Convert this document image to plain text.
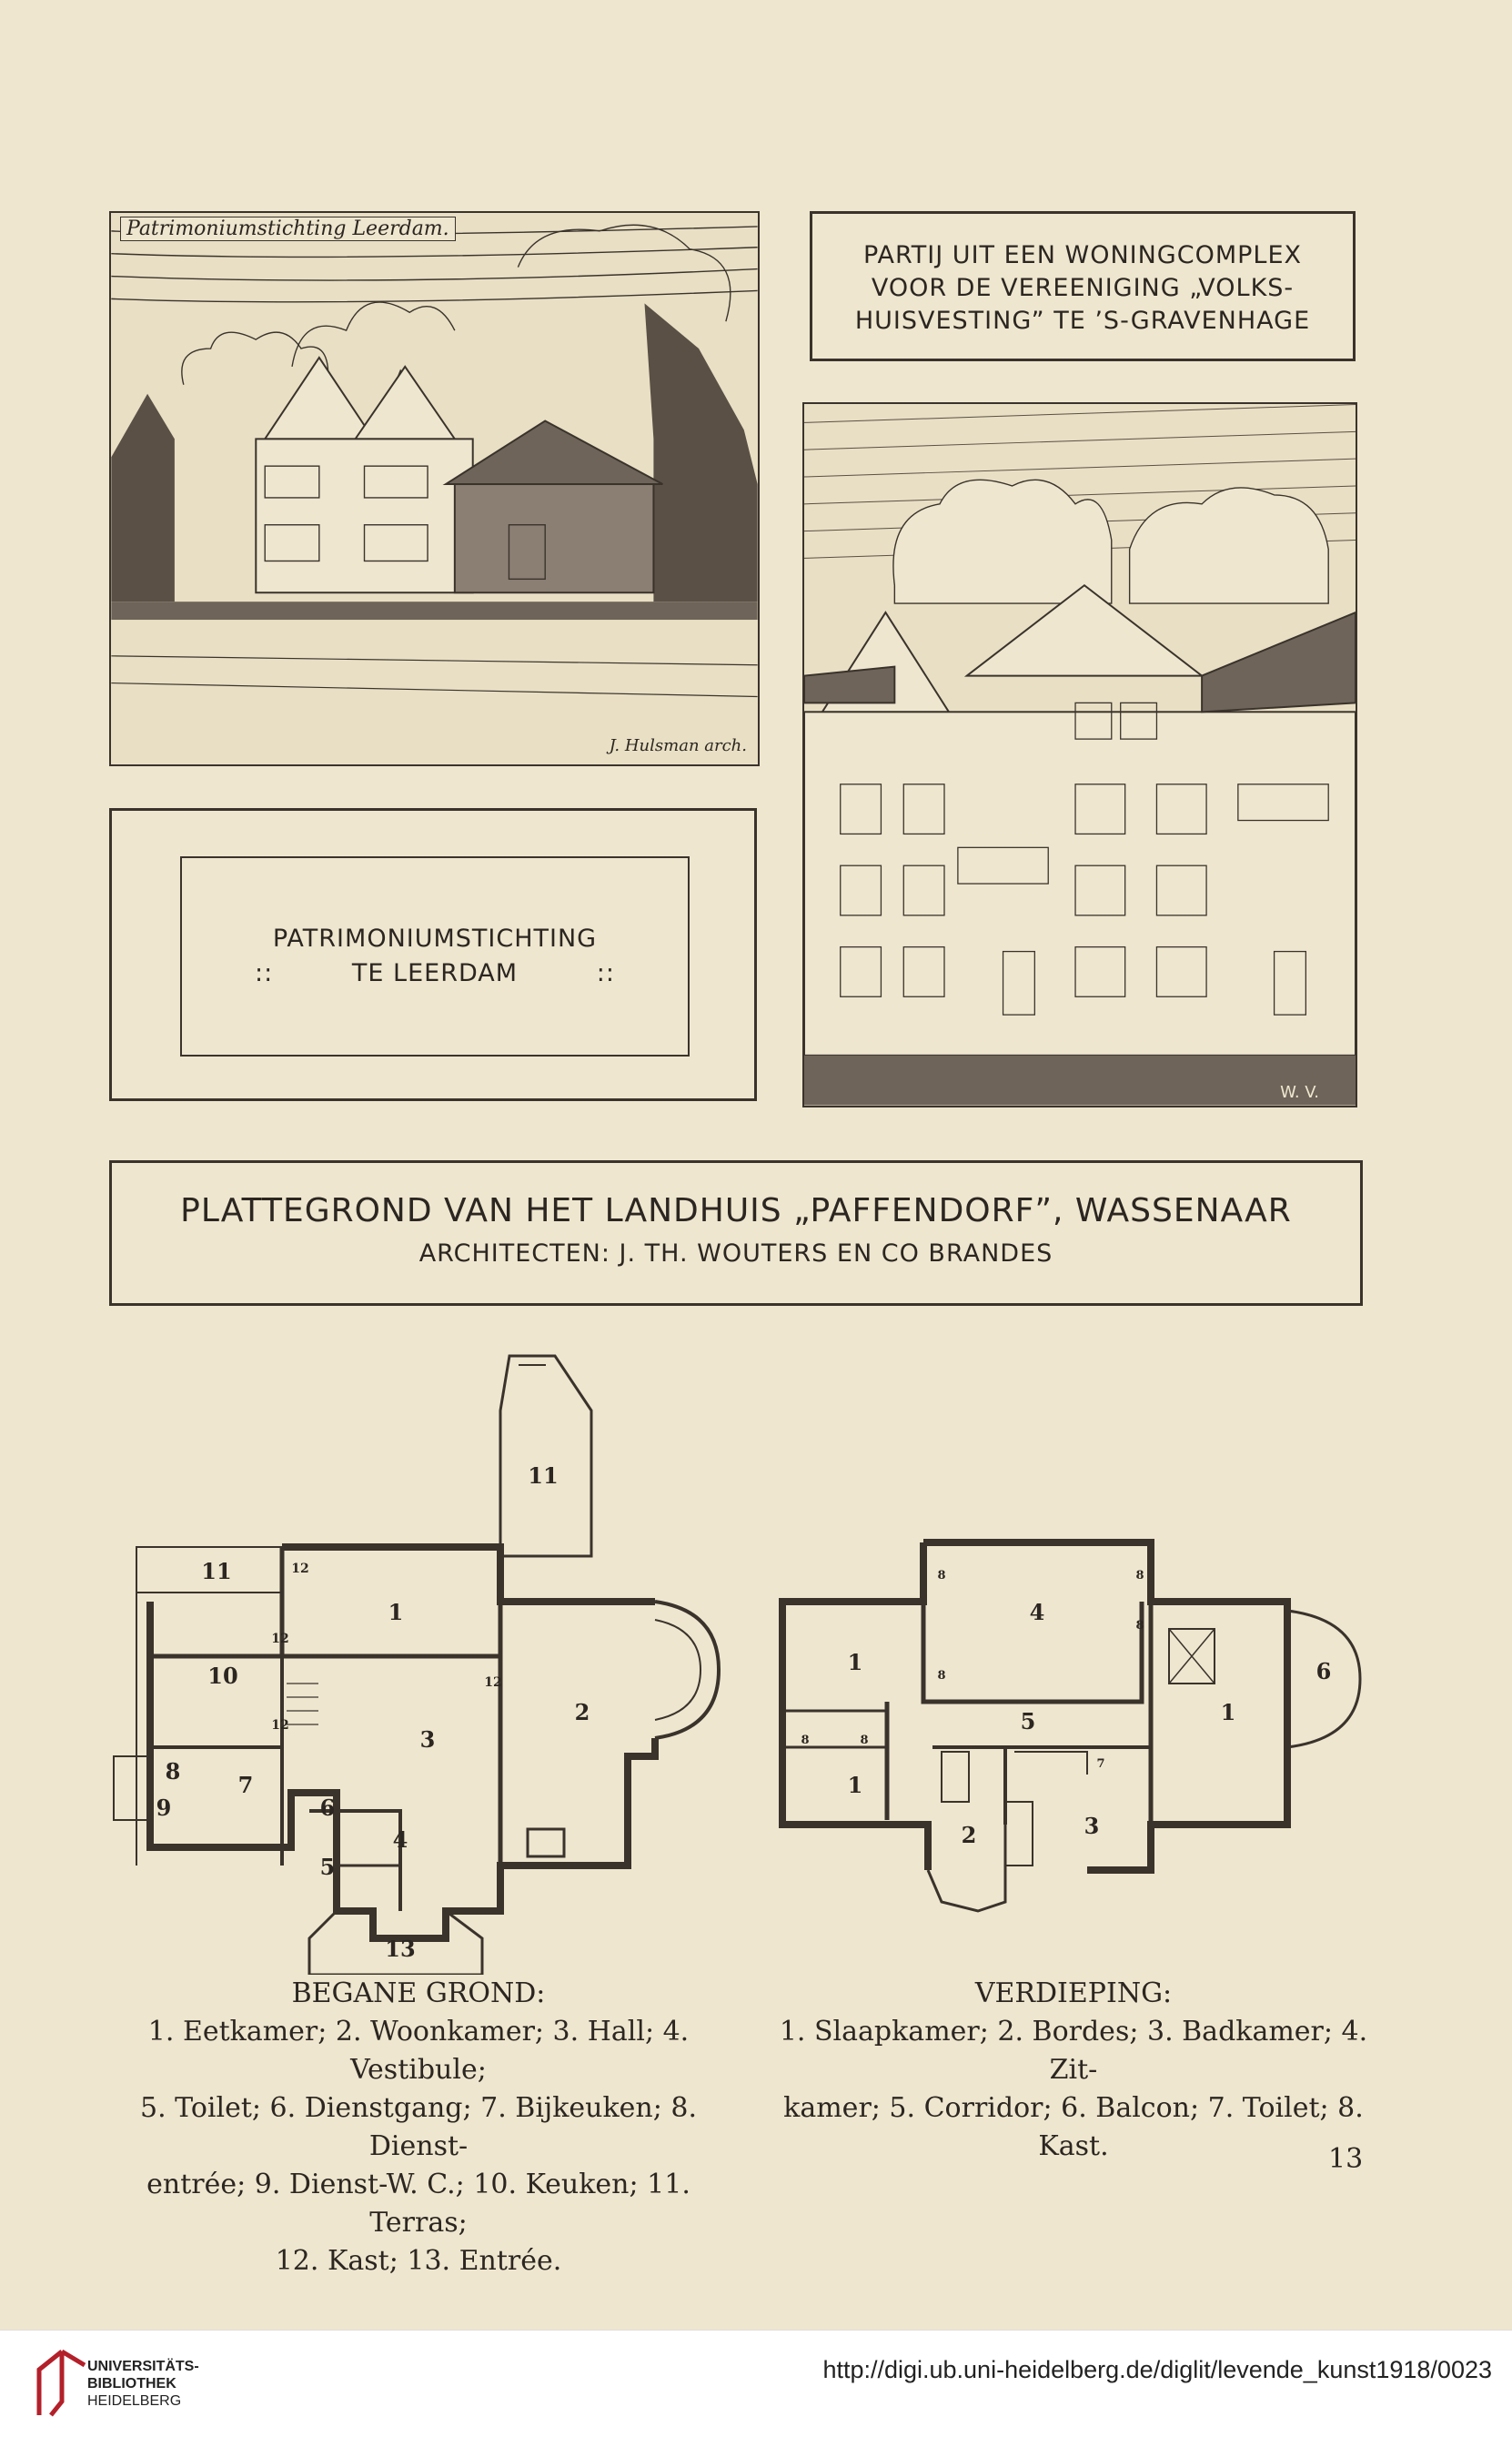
Patrimoniumstichting Leerdam.
J. Hulsman arch.
PARTIJ UIT EEN WONINGCOMPLEX
VOOR DE VEREENIGING „VOLKS-
HUISVESTING” TE ’S-GRAVENHAGE
W. V.
PATRIMONIUMSTICHTING
::	TE LEERDAM	::
PLATTEGROND VAN HET LANDHUIS „PAFFENDORF”, WASSENAAR
ARCHITECTEN: J. TH. WOUTERS EN CO BRANDES
11
11
1
10
2
3
7
8
9	6
4
5
13
12
12
12
12
4
1
1
5
6
1
2	3
8	8
8
8
8	8
7
BEGANE GROND:
1. Eetkamer; 2. Woonkamer; 3. Hall; 4. Vestibule;
5. Toilet; 6. Dienstgang; 7. Bijkeuken; 8. Dienst-
entrée; 9. Dienst-W. C.; 10. Keuken; 11. Terras;
12. Kast; 13. Entrée.
VERDIEPING:
1. Slaapkamer; 2. Bordes; 3. Badkamer; 4. Zit-
kamer; 5. Corridor; 6. Balcon; 7. Toilet; 8. Kast.	13
UNIVERSITÄTS-
BIBLIOTHEK
HEIDELBERG
http://digi.ub.uni-heidelberg.de/diglit/levende_kunst1918/0023
